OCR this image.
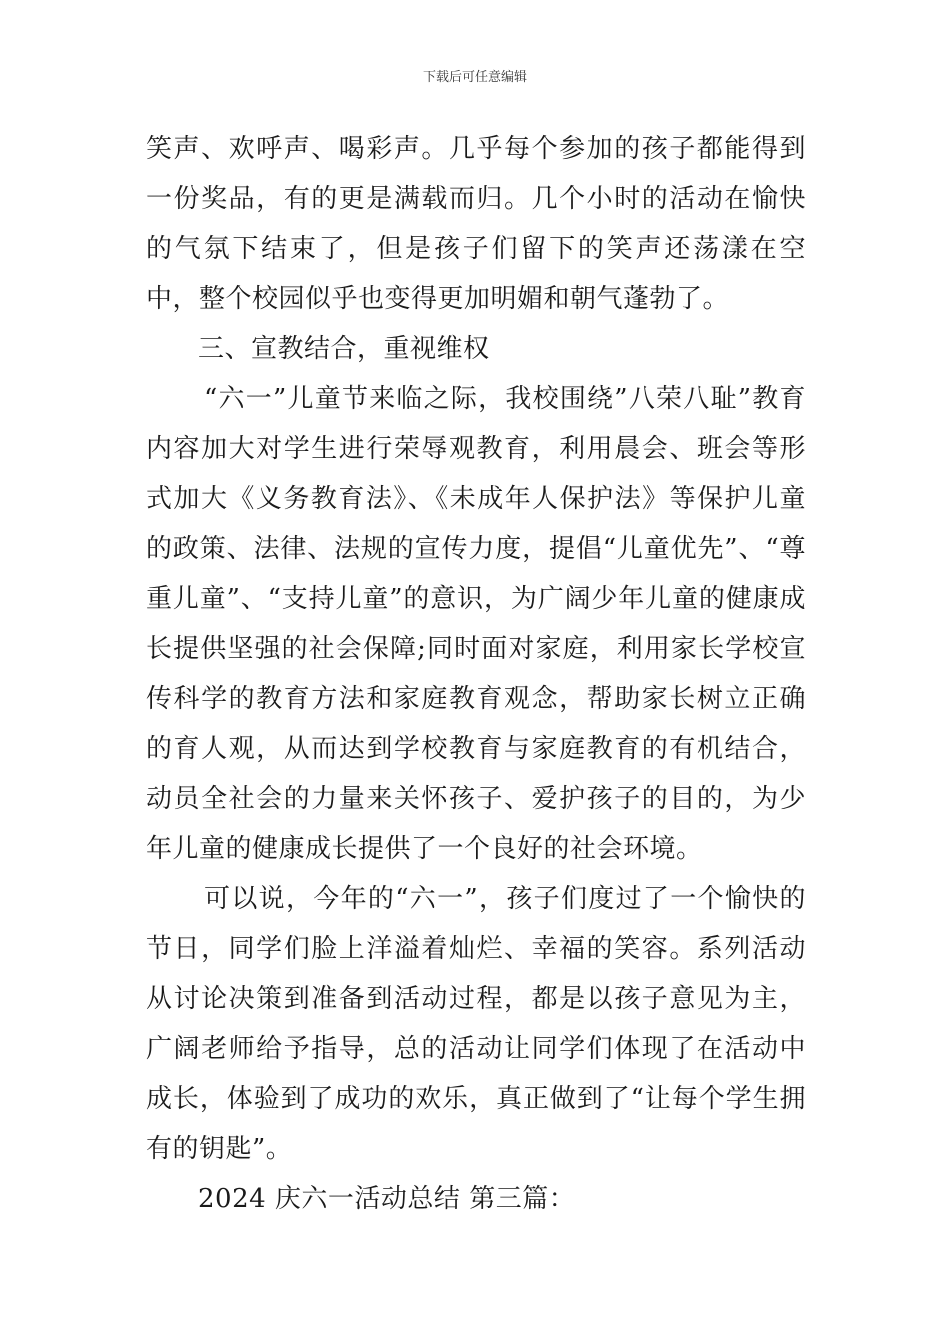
下载后可任意编辑

笑声、欢呼声、喝彩声。几乎每个参加的孩子都能得到一份奖品，有的更是满载而归。几个小时的活动在愉快的气氛下结束了，但是孩子们留下的笑声还荡漾在空中，整个校园似乎也变得更加明媚和朝气蓬勃了。

三、宣教结合，重视维权

“六一”儿童节来临之际，我校围绕”八荣八耻”教育内容加大对学生进行荣辱观教育，利用晨会、班会等形式加大《义务教育法》、《未成年人保护法》等保护儿童的政策、法律、法规的宣传力度，提倡“儿童优先”、“尊重儿童”、“支持儿童”的意识，为广阔少年儿童的健康成长提供坚强的社会保障;同时面对家庭，利用家长学校宣传科学的教育方法和家庭教育观念，帮助家长树立正确的育人观，从而达到学校教育与家庭教育的有机结合，动员全社会的力量来关怀孩子、爱护孩子的目的，为少年儿童的健康成长提供了一个良好的社会环境。

可以说，今年的“六一”，孩子们度过了一个愉快的节日，同学们脸上洋溢着灿烂、幸福的笑容。系列活动从讨论决策到准备到活动过程，都是以孩子意见为主，广阔老师给予指导，总的活动让同学们体现了在活动中成长，体验到了成功的欢乐，真正做到了“让每个学生拥有的钥匙”。

2024 庆六一活动总结 第三篇：
